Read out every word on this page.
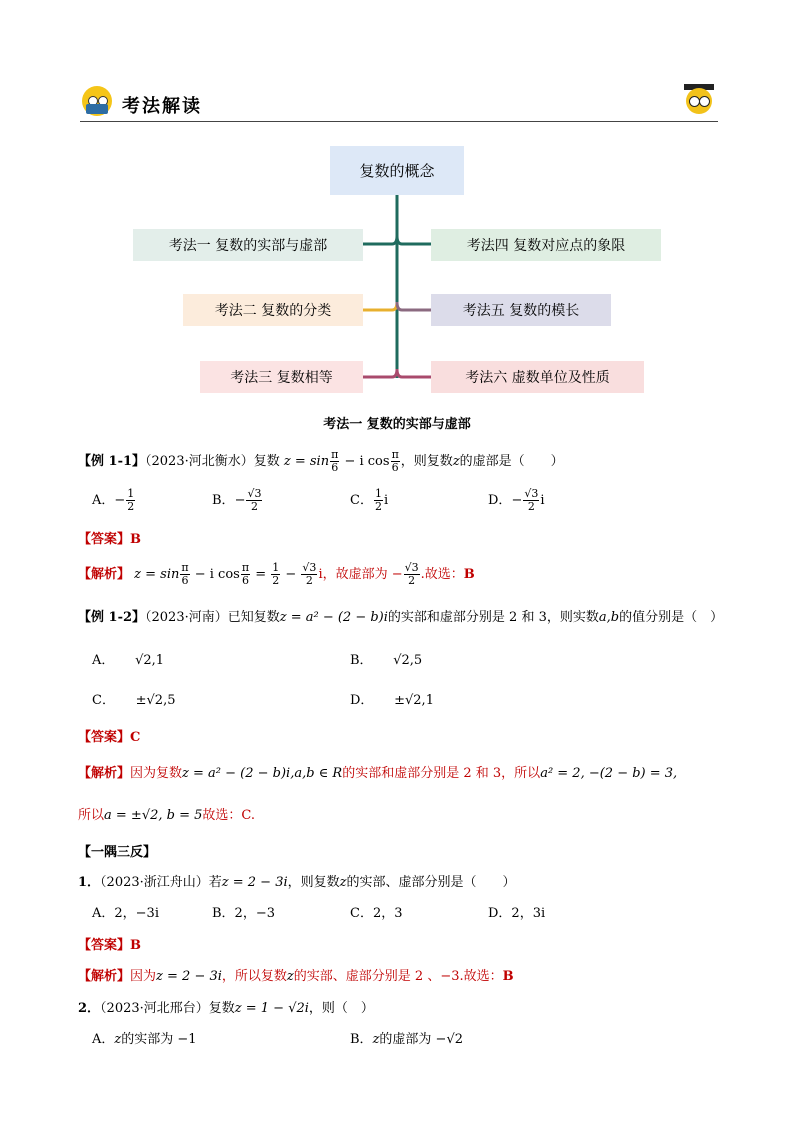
考法解读
复数的概念
考法一 复数的实部与虚部
考法二 复数的分类
考法三 复数相等
考法四 复数对应点的象限
考法五 复数的模长
考法六 虚数单位及性质
考法一 复数的实部与虚部
【例 1-1】（2023·河北衡水）复数 $z = \sin \frac{\pi}{6} - i$ $\cos \frac{\pi}{6}$ ，则复数z的虚部是（　　）
A．− $\frac{1}{2}$	B．− $\frac{√3}{2}$	C． $\frac{1}{2}$ i	D．− $\frac{√3}{2}$ i
【答案】B
【解析】 $z = \sin \frac{\pi}{6} - i$ $\cos \frac{\pi}{6} = \frac{1}{2} - \frac{√3}{2}$ i，故虚部为 − $\frac{√3}{2}$ .故选：B
【例 1-2】（2023·河南）已知复数z = a² − (2 − b)i的实部和虚部分别是 2 和 3，则实数a,b的值分别是（　）
A． √2,1	B． √2,5
C． ±√2,5	D． ±√2,1
【答案】C
【解析】因为复数z = a² − (2 − b)i,a,b ∈ R的实部和虚部分别是 2 和 3，所以a² = 2, −(2 − b) = 3,
所以a = ±√2, b = 5故选：C.
【一隅三反】
1．（2023·浙江舟山）若z = 2 − 3i，则复数z的实部、虚部分别是（　　）
A．2，−3i	B．2，−3	C．2，3	D．2，3i
【答案】B
【解析】因为z = 2 − 3i，所以复数z的实部、虚部分别是 2 、−3.故选：B
2．（2023·河北邢台）复数z = 1 − √2i，则（　）
A．z的实部为 −1	B．z的虚部为 −√2
